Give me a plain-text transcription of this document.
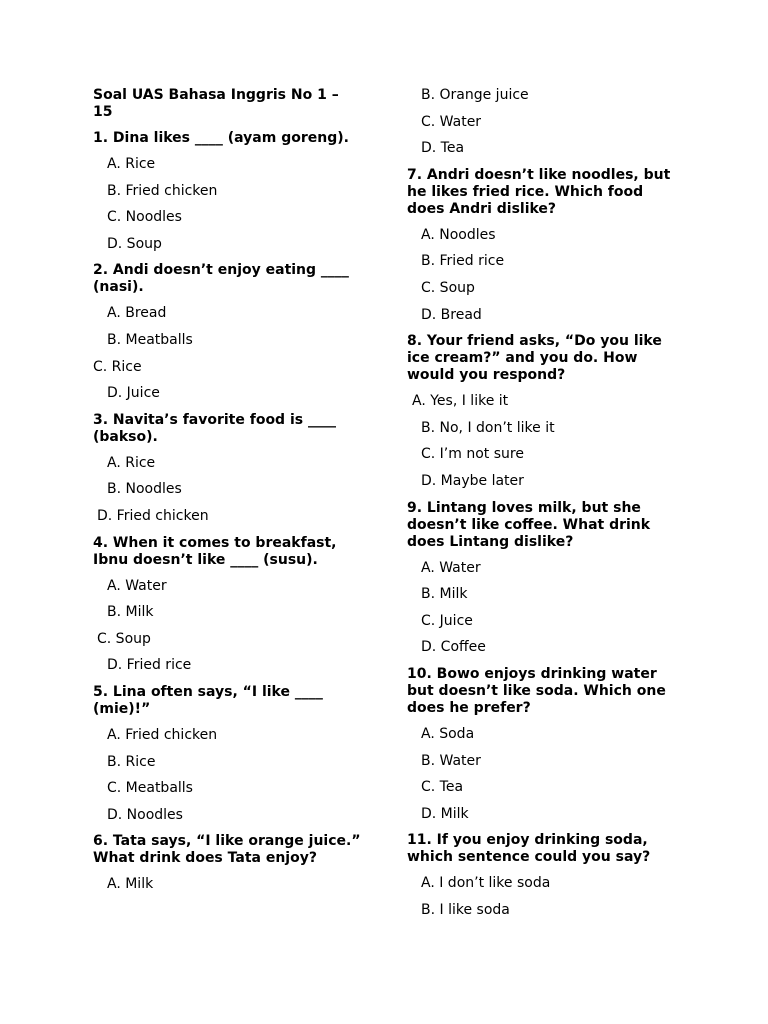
Soal UAS Bahasa Inggris No 1 – 15
1. Dina likes ____ (ayam goreng).
A. Rice
B. Fried chicken
C. Noodles
D. Soup
2. Andi doesn’t enjoy eating ____ (nasi).
A. Bread
B. Meatballs
C. Rice
D. Juice
3. Navita’s favorite food is ____ (bakso).
A. Rice
B. Noodles
D. Fried chicken
4. When it comes to breakfast, Ibnu doesn’t like ____ (susu).
A. Water
B. Milk
C. Soup
D. Fried rice
5. Lina often says, “I like ____ (mie)!”
A. Fried chicken
B. Rice
C. Meatballs
D. Noodles
6. Tata says, “I like orange juice.” What drink does Tata enjoy?
A. Milk
B. Orange juice
C. Water
D. Tea
7. Andri doesn’t like noodles, but he likes fried rice. Which food does Andri dislike?
A. Noodles
B. Fried rice
C. Soup
D. Bread
8. Your friend asks, “Do you like ice cream?” and you do. How would you respond?
A. Yes, I like it
B. No, I don’t like it
C. I’m not sure
D. Maybe later
9. Lintang loves milk, but she doesn’t like coffee. What drink does Lintang dislike?
A. Water
B. Milk
C. Juice
D. Coffee
10. Bowo enjoys drinking water but doesn’t like soda. Which one does he prefer?
A. Soda
B. Water
C. Tea
D. Milk
11. If you enjoy drinking soda, which sentence could you say?
A. I don’t like soda
B. I like soda
